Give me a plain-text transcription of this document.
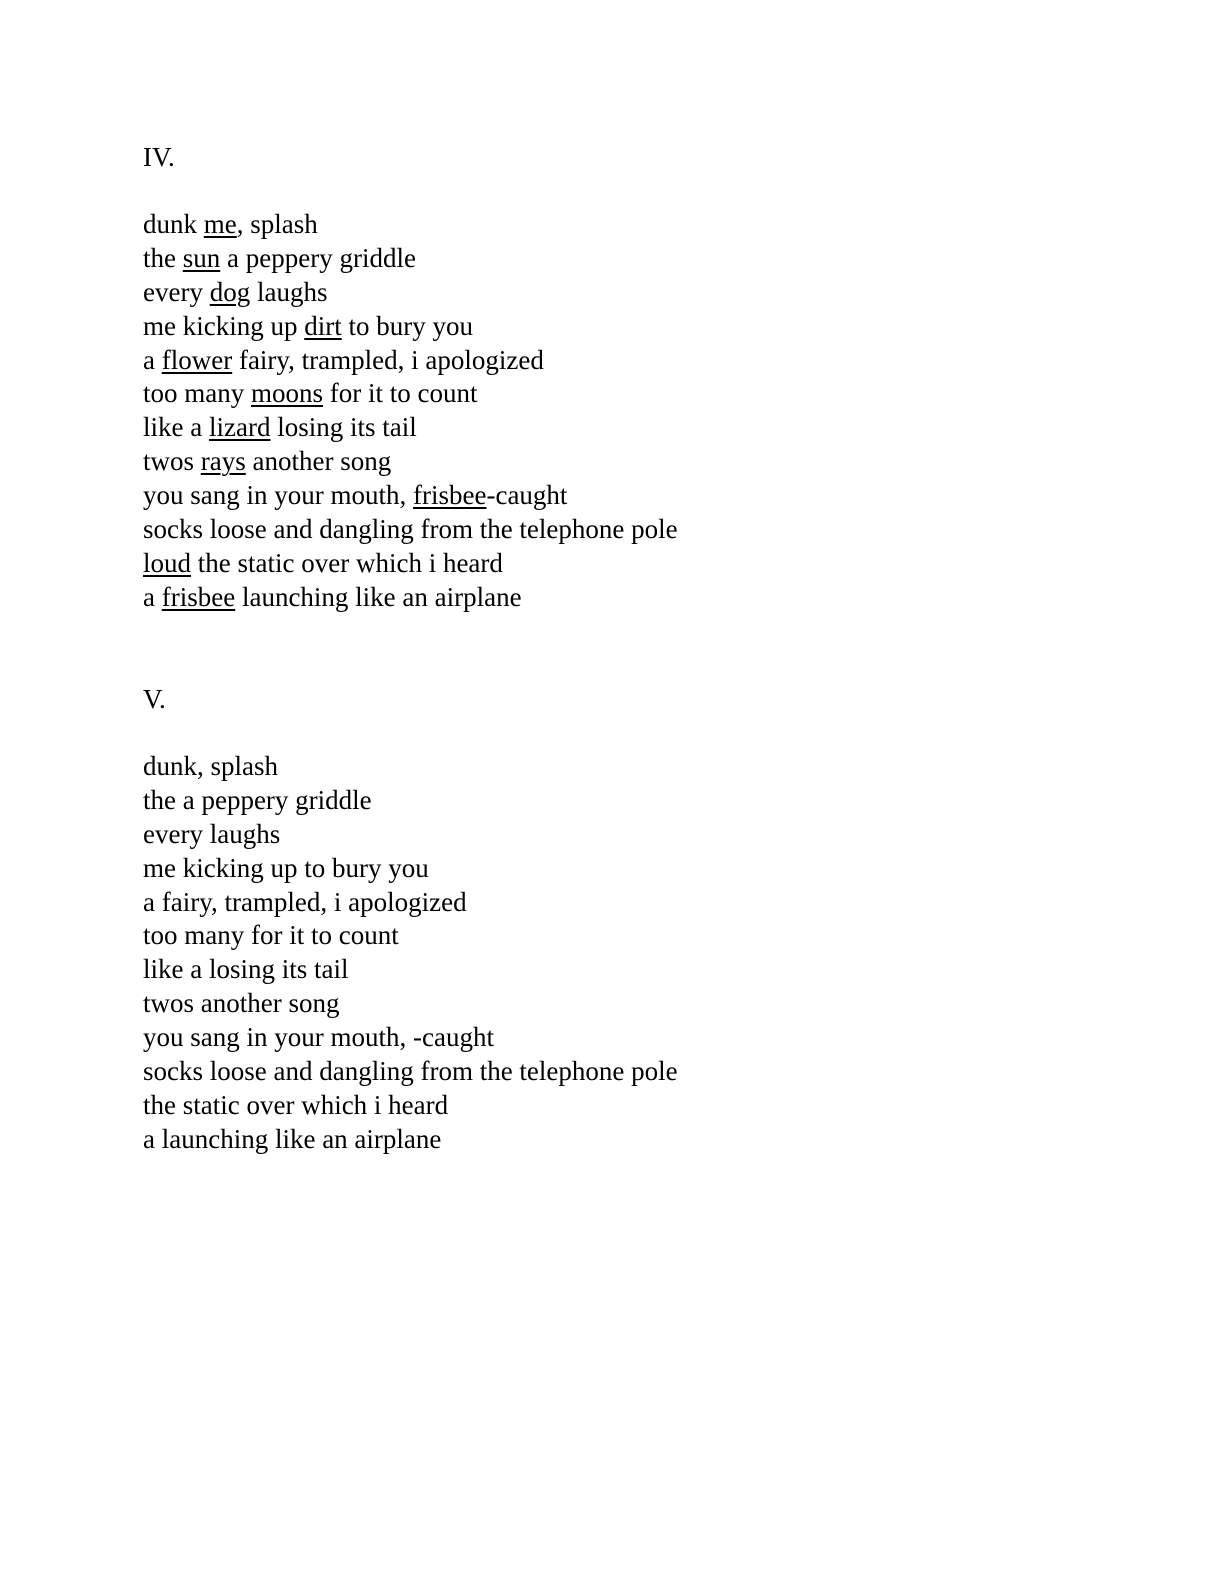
IV.
dunk me, splash
the sun a peppery griddle
every dog laughs
me kicking up dirt to bury you
a flower fairy, trampled, i apologized
too many moons for it to count
like a lizard losing its tail
twos rays another song
you sang in your mouth, frisbee-caught
socks loose and dangling from the telephone pole
loud the static over which i heard
a frisbee launching like an airplane
V.
dunk, splash
the a peppery griddle
every laughs
me kicking up to bury you
a fairy, trampled, i apologized
too many for it to count
like a losing its tail
twos another song
you sang in your mouth, -caught
socks loose and dangling from the telephone pole
the static over which i heard
a launching like an airplane
